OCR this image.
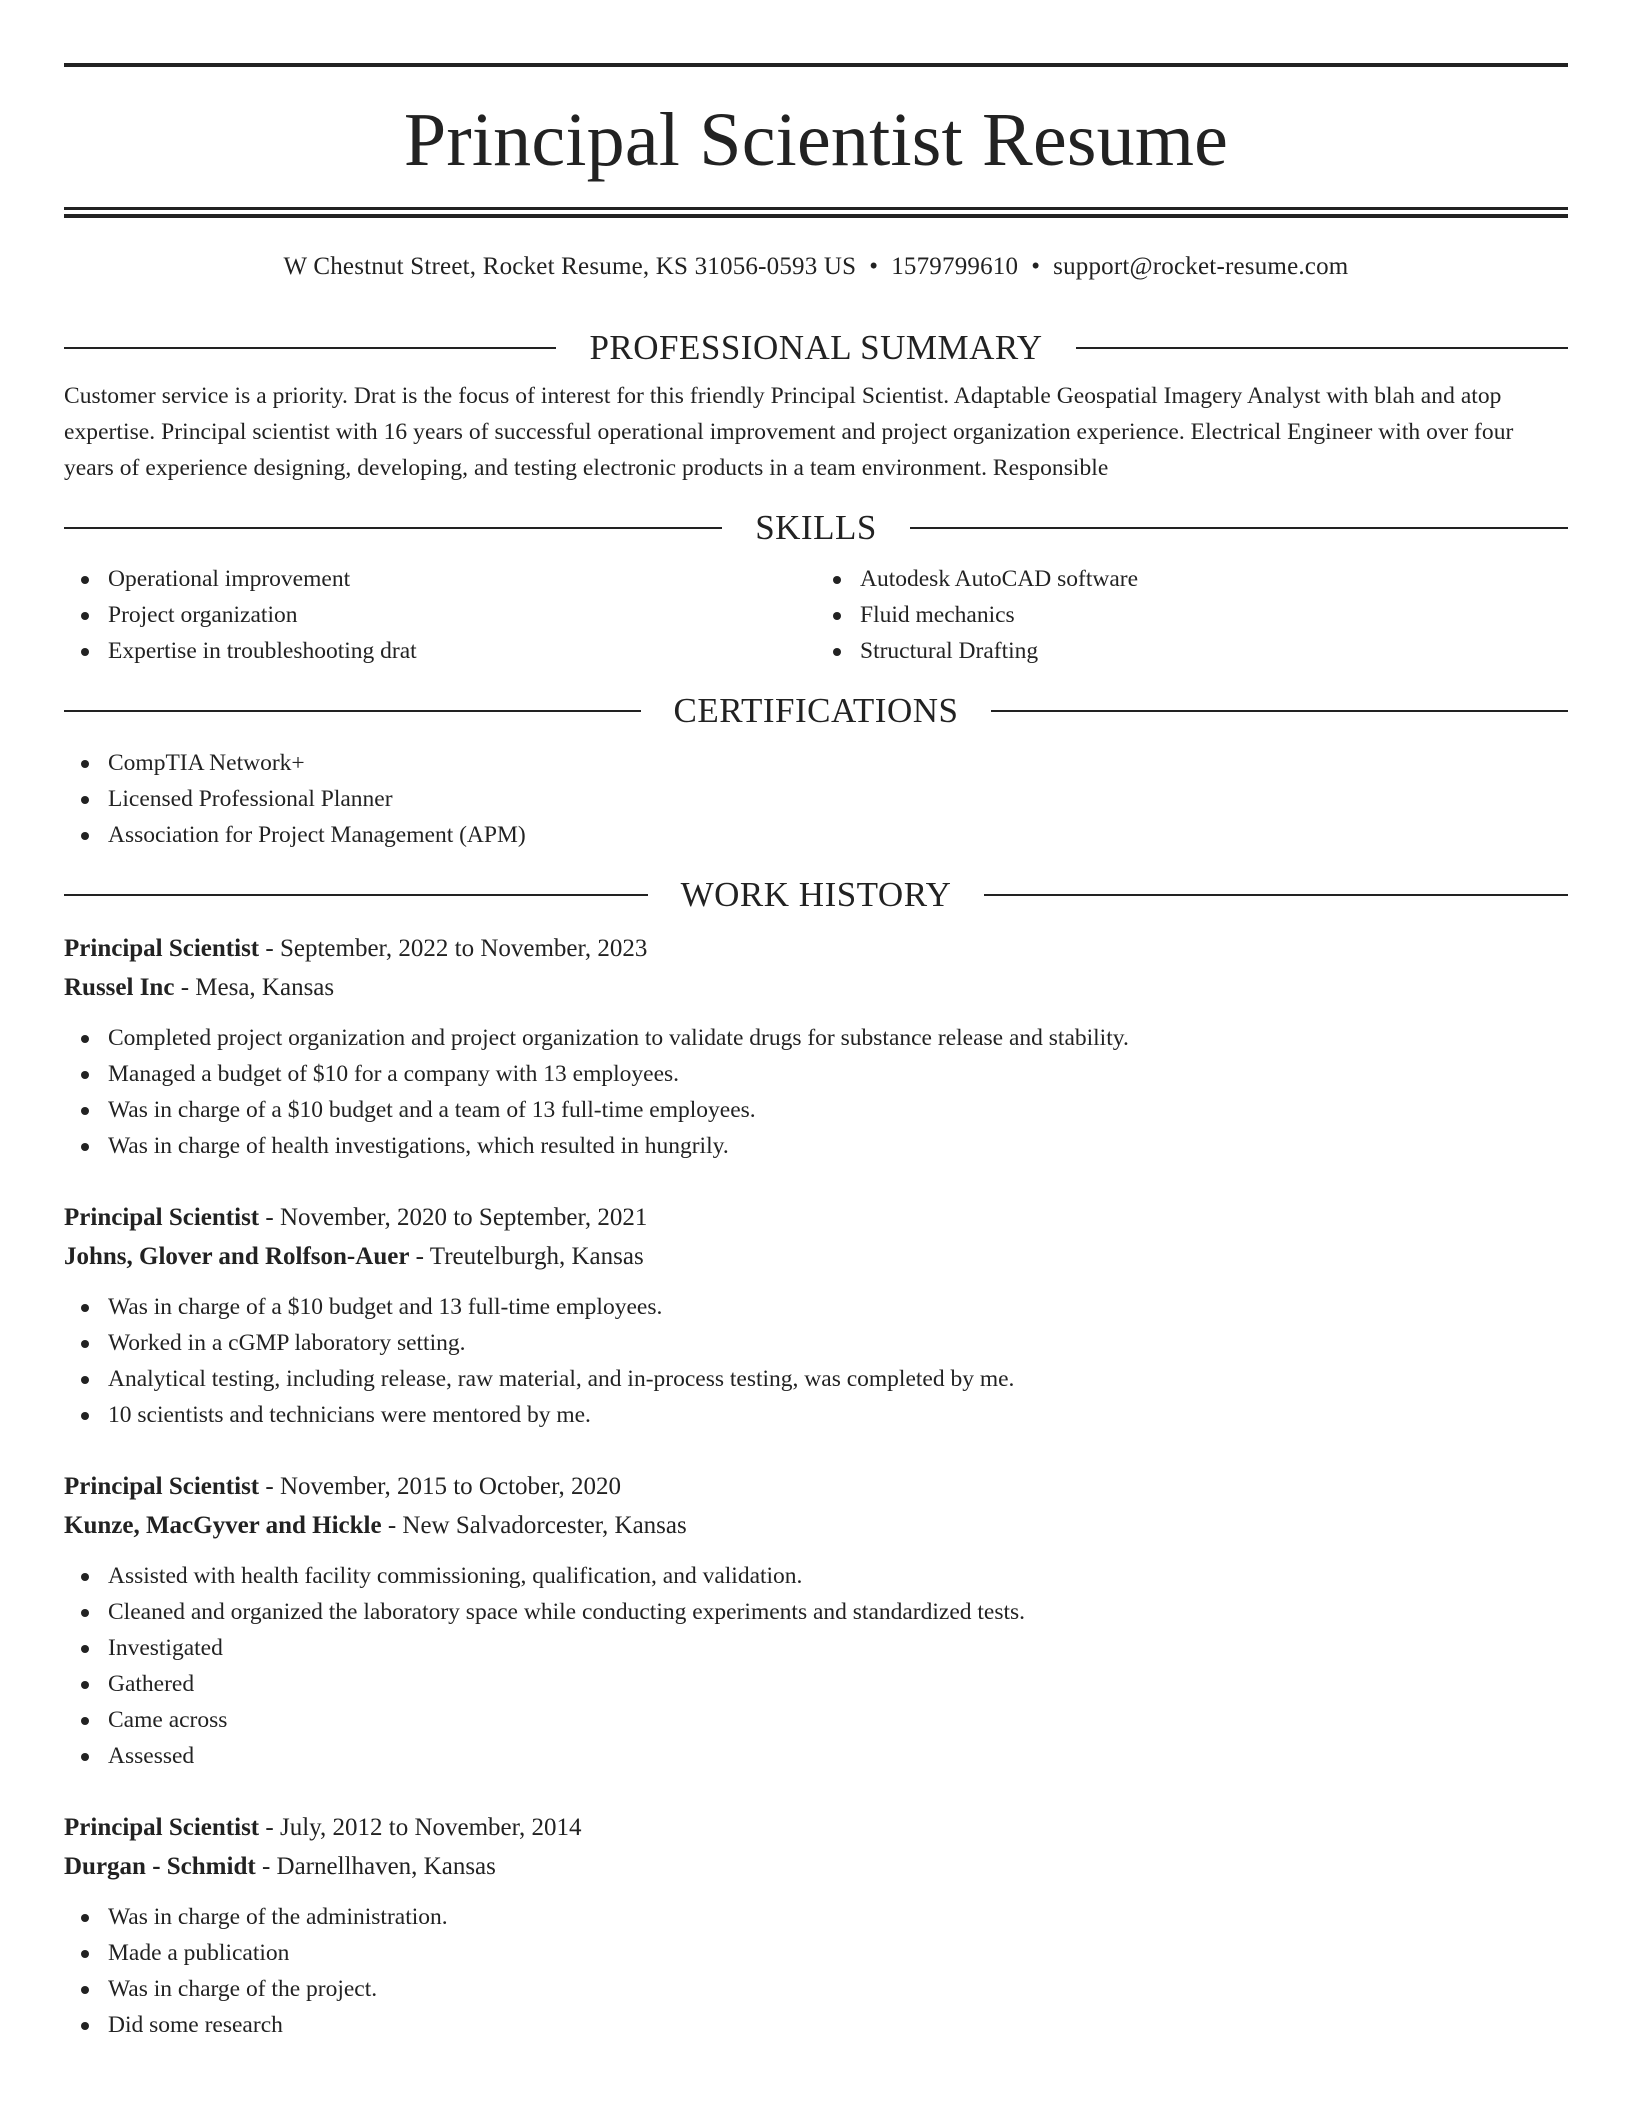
Principal Scientist Resume
W Chestnut Street, Rocket Resume, KS 31056-0593 US • 1579799610 • support@rocket-resume.com
PROFESSIONAL SUMMARY
Customer service is a priority. Drat is the focus of interest for this friendly Principal Scientist. Adaptable Geospatial Imagery Analyst with blah and atop expertise. Principal scientist with 16 years of successful operational improvement and project organization experience. Electrical Engineer with over four years of experience designing, developing, and testing electronic products in a team environment. Responsible
SKILLS
Operational improvement
Project organization
Expertise in troubleshooting drat
Autodesk AutoCAD software
Fluid mechanics
Structural Drafting
CERTIFICATIONS
CompTIA Network+
Licensed Professional Planner
Association for Project Management (APM)
WORK HISTORY
Principal Scientist - September, 2022 to November, 2023
Russel Inc - Mesa, Kansas
Completed project organization and project organization to validate drugs for substance release and stability.
Managed a budget of $10 for a company with 13 employees.
Was in charge of a $10 budget and a team of 13 full-time employees.
Was in charge of health investigations, which resulted in hungrily.
Principal Scientist - November, 2020 to September, 2021
Johns, Glover and Rolfson-Auer - Treutelburgh, Kansas
Was in charge of a $10 budget and 13 full-time employees.
Worked in a cGMP laboratory setting.
Analytical testing, including release, raw material, and in-process testing, was completed by me.
10 scientists and technicians were mentored by me.
Principal Scientist - November, 2015 to October, 2020
Kunze, MacGyver and Hickle - New Salvadorcester, Kansas
Assisted with health facility commissioning, qualification, and validation.
Cleaned and organized the laboratory space while conducting experiments and standardized tests.
Investigated
Gathered
Came across
Assessed
Principal Scientist - July, 2012 to November, 2014
Durgan - Schmidt - Darnellhaven, Kansas
Was in charge of the administration.
Made a publication
Was in charge of the project.
Did some research
